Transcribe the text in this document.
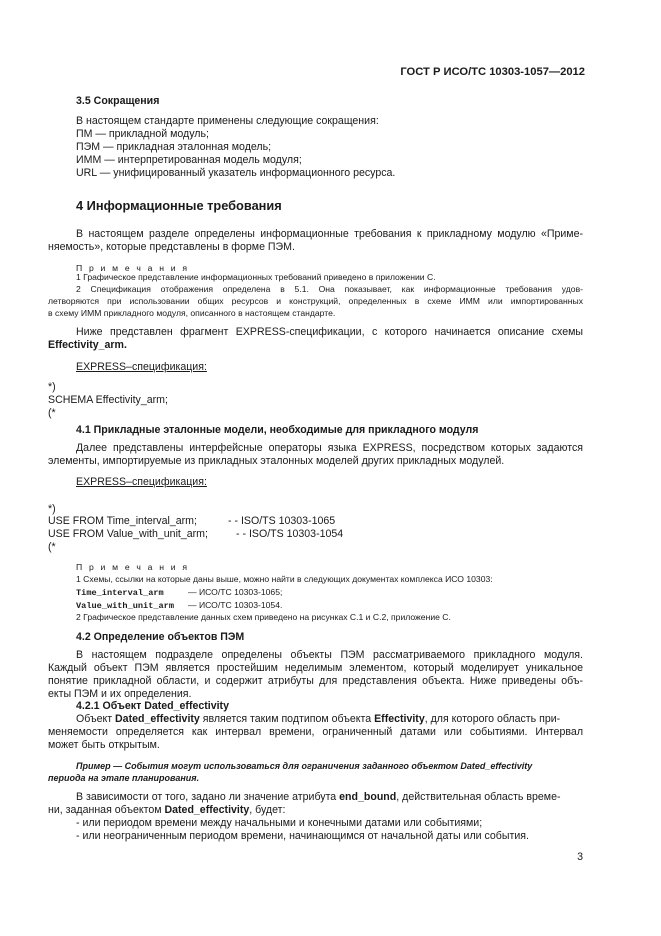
ГОСТ Р ИСО/ТС 10303-1057—2012
3.5 Сокращения
В настоящем стандарте применены следующие сокращения:
ПМ — прикладной модуль;
ПЭМ — прикладная эталонная модель;
ИММ — интерпретированная модель модуля;
URL — унифицированный указатель информационного ресурса.
4 Информационные требования
В настоящем разделе определены информационные требования к прикладному модулю «Приме-
няемость», которые представлены в форме ПЭМ.
П р и м е ч а н и я
1 Графическое представление информационных требований приведено в приложении С.
2 Спецификация отображения определена в 5.1. Она показывает, как информационные требования удов-
летворяются при использовании общих ресурсов и конструкций, определенных в схеме ИММ или импортированных
в схему ИММ прикладного модуля, описанного в настоящем стандарте.
Ниже представлен фрагмент EXPRESS-спецификации, с которого начинается описание схемы
Effectivity_arm.
EXPRESS–спецификация:
*)
SCHEMA Effectivity_arm;
(*
4.1 Прикладные эталонные модели, необходимые для прикладного модуля
Далее представлены интерфейсные операторы языка EXPRESS, посредством которых задаются
элементы, импортируемые из прикладных эталонных моделей других прикладных модулей.
EXPRESS–спецификация:
*)
USE FROM Time_interval_arm;	- - ISO/TS 10303-1065
USE FROM Value_with_unit_arm;	- - ISO/TS 10303-1054
(*
П р и м е ч а н и я
1 Схемы, ссылки на которые даны выше, можно найти в следующих документах комплекса ИСО 10303:
Time_interval_arm	— ИСО/ТС 10303-1065;
Value_with_unit_arm — ИСО/ТС 10303-1054.
2 Графическое представление данных схем приведено на рисунках С.1 и С.2, приложение С.
4.2 Определение объектов ПЭМ
В настоящем подразделе определены объекты ПЭМ рассматриваемого прикладного модуля.
Каждый объект ПЭМ является простейшим неделимым элементом, который моделирует уникальное
понятие прикладной области, и содержит атрибуты для представления объекта. Ниже приведены объ-
екты ПЭМ и их определения.
4.2.1 Объект Dated_effectivity
Объект Dated_effectivity является таким подтипом объекта Effectivity, для которого область при-
меняемости определяется как интервал времени, ограниченный датами или событиями. Интервал
может быть открытым.
Пример — События могут использоваться для ограничения заданного объектом Dated_effectivity
периода на этапе планирования.
В зависимости от того, задано ли значение атрибута end_bound, действительная область време-
ни, заданная объектом Dated_effectivity, будет:
- или периодом времени между начальными и конечными датами или событиями;
- или неограниченным периодом времени, начинающимся от начальной даты или события.
3
